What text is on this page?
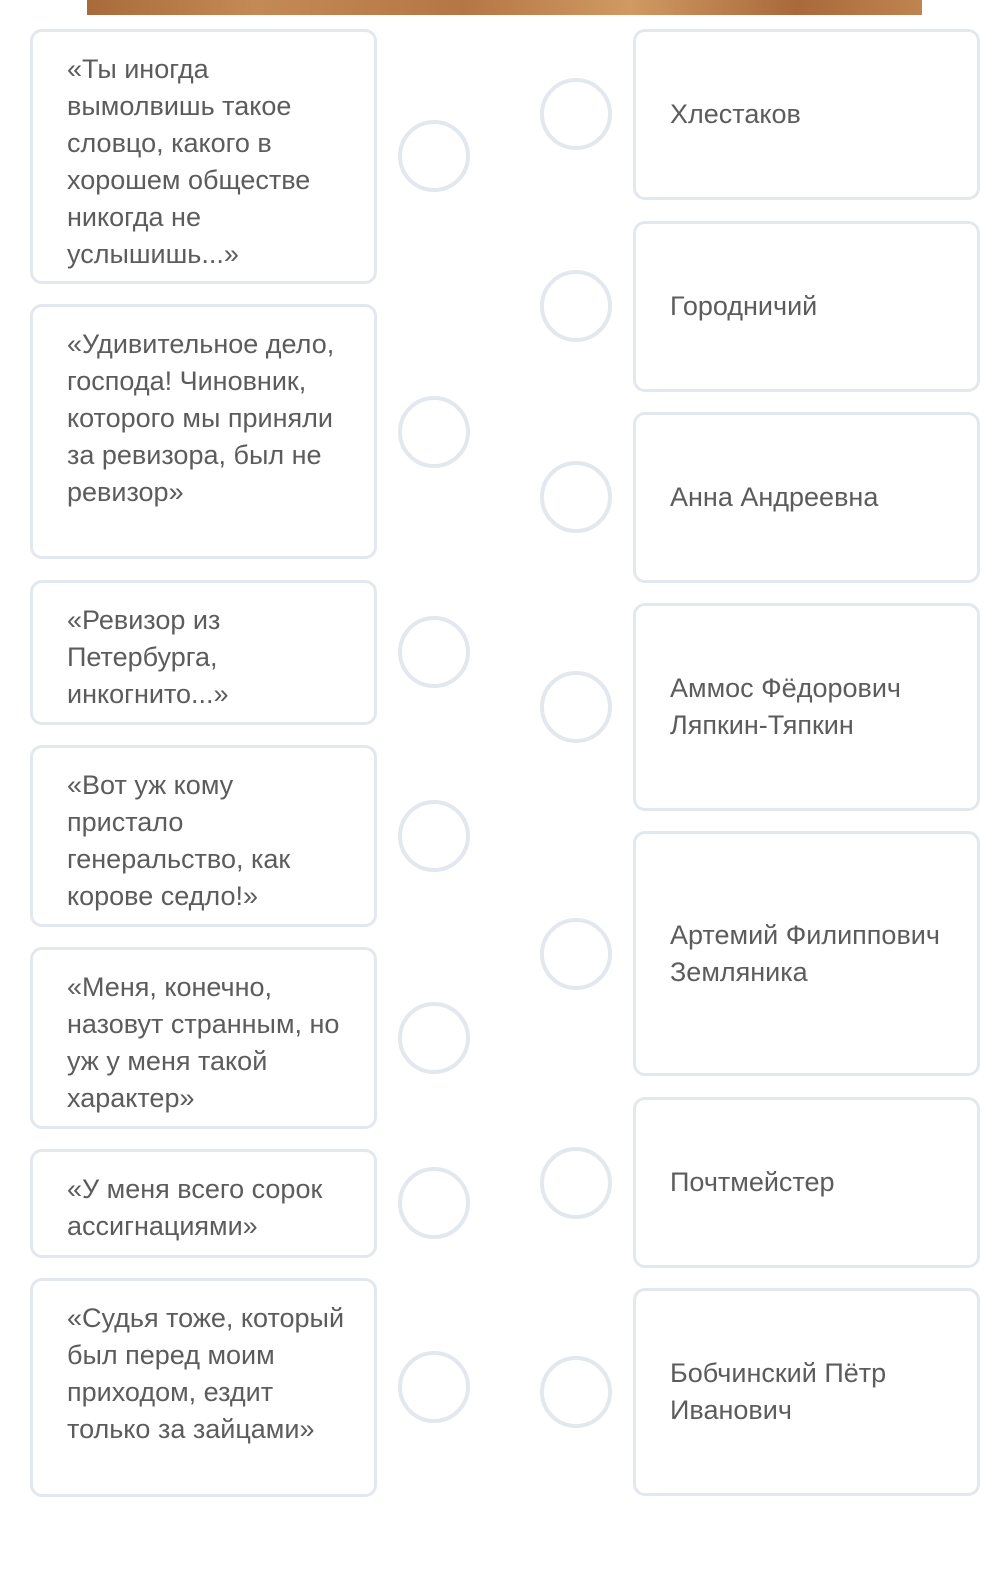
«Ты иногда вымолвишь такое словцо, какого в хорошем обществе никогда не услышишь...»
«Удивительное дело, господа! Чиновник, которого мы приняли за ревизора, был не ревизор»
«Ревизор из Петербурга, инкогнито...»
«Вот уж кому пристало генеральство, как корове седло!»
«Меня, конечно, назовут странным, но уж у меня такой характер»
«У меня всего сорок ассигнациями»
«Судья тоже, который был перед моим приходом, ездит только за зайцами»
Хлестаков
Городничий
Анна Андреевна
Аммос Фёдорович Ляпкин-Тяпкин
Артемий Филиппович Земляника
Почтмейстер
Бобчинский Пётр Иванович
